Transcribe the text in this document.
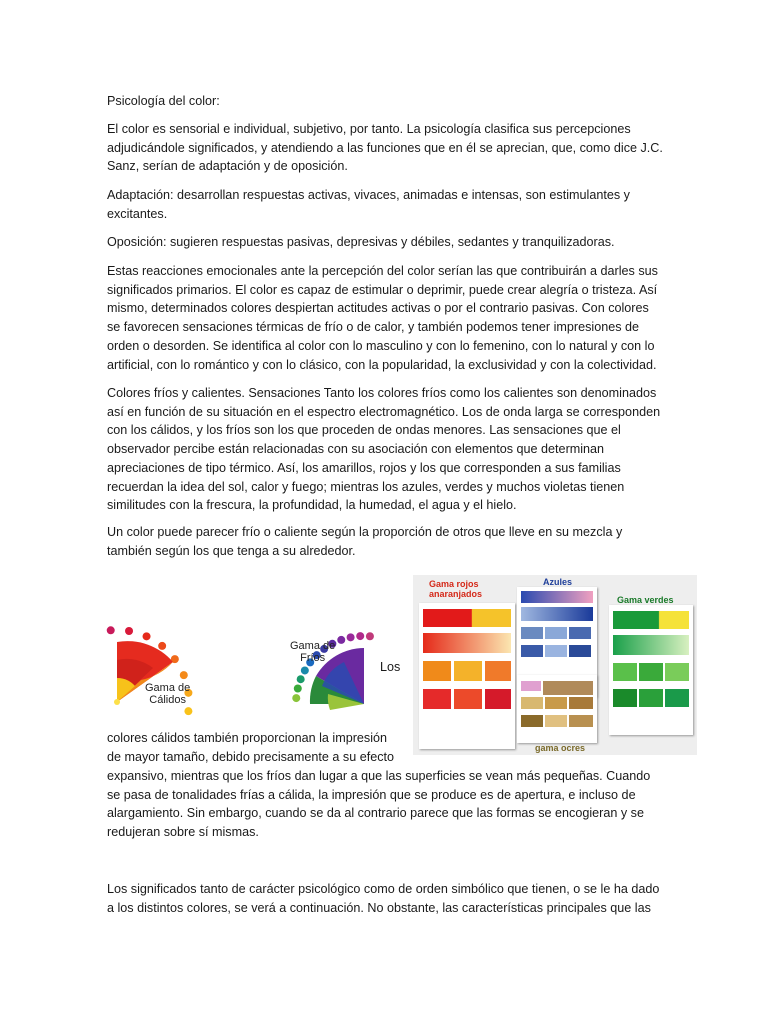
Psicología del color:

El color es sensorial e individual, subjetivo, por tanto. La psicología clasifica sus percepciones adjudicándole significados, y atendiendo a las funciones que en él se aprecian, que, como dice J.C. Sanz, serían de adaptación y de oposición.

Adaptación: desarrollan respuestas activas, vivaces, animadas e intensas, son estimulantes y excitantes.

Oposición: sugieren respuestas pasivas, depresivas y débiles, sedantes y tranquilizadoras.

Estas reacciones emocionales ante la percepción del color serían las que contribuirán a darles sus significados primarios. El color es capaz de estimular o deprimir, puede crear alegría o tristeza. Así mismo, determinados colores despiertan actitudes activas o por el contrario pasivas. Con colores se favorecen sensaciones térmicas de frío o de calor, y también podemos tener impresiones de orden o desorden. Se identifica al color con lo masculino y con lo femenino, con lo natural y con lo artificial, con lo romántico y con lo clásico, con la popularidad, la exclusividad y con la colectividad.

Colores fríos y calientes. Sensaciones Tanto los colores fríos como los calientes son denominados así en función de su situación en el espectro electromagnético. Los de onda larga se corresponden con los cálidos, y los fríos son los que proceden de ondas menores. Las sensaciones que el observador percibe están relacionadas con su asociación con elementos que determinan apreciaciones de tipo térmico. Así, los amarillos, rojos y los que corresponden a sus familias recuerdan la idea del sol, calor y fuego; mientras los azules, verdes y muchos violetas tienen similitudes con la frescura, la profundidad, la humedad, el agua y el hielo.

Un color puede parecer frío o caliente según la proporción de otros que lleve en su mezcla y también según los que tenga a su alrededor.

Gama de
Cálidos
Gama de
Fríos
Los
Gama rojos
anaranjados
Azules
Gama verdes
gama ocres

colores cálidos también proporcionan la impresión

de mayor tamaño, debido precisamente a su efecto

expansivo, mientras que los fríos dan lugar a que las superficies se vean más pequeñas. Cuando se pasa de tonalidades frías a cálida, la impresión que se produce es de apertura, e incluso de alargamiento. Sin embargo, cuando se da al contrario parece que las formas se encogieran y se redujeran sobre sí mismas.

Los significados tanto de carácter psicológico como de orden simbólico que tienen, o se le ha dado a los distintos colores, se verá a continuación. No obstante, las características principales que las
